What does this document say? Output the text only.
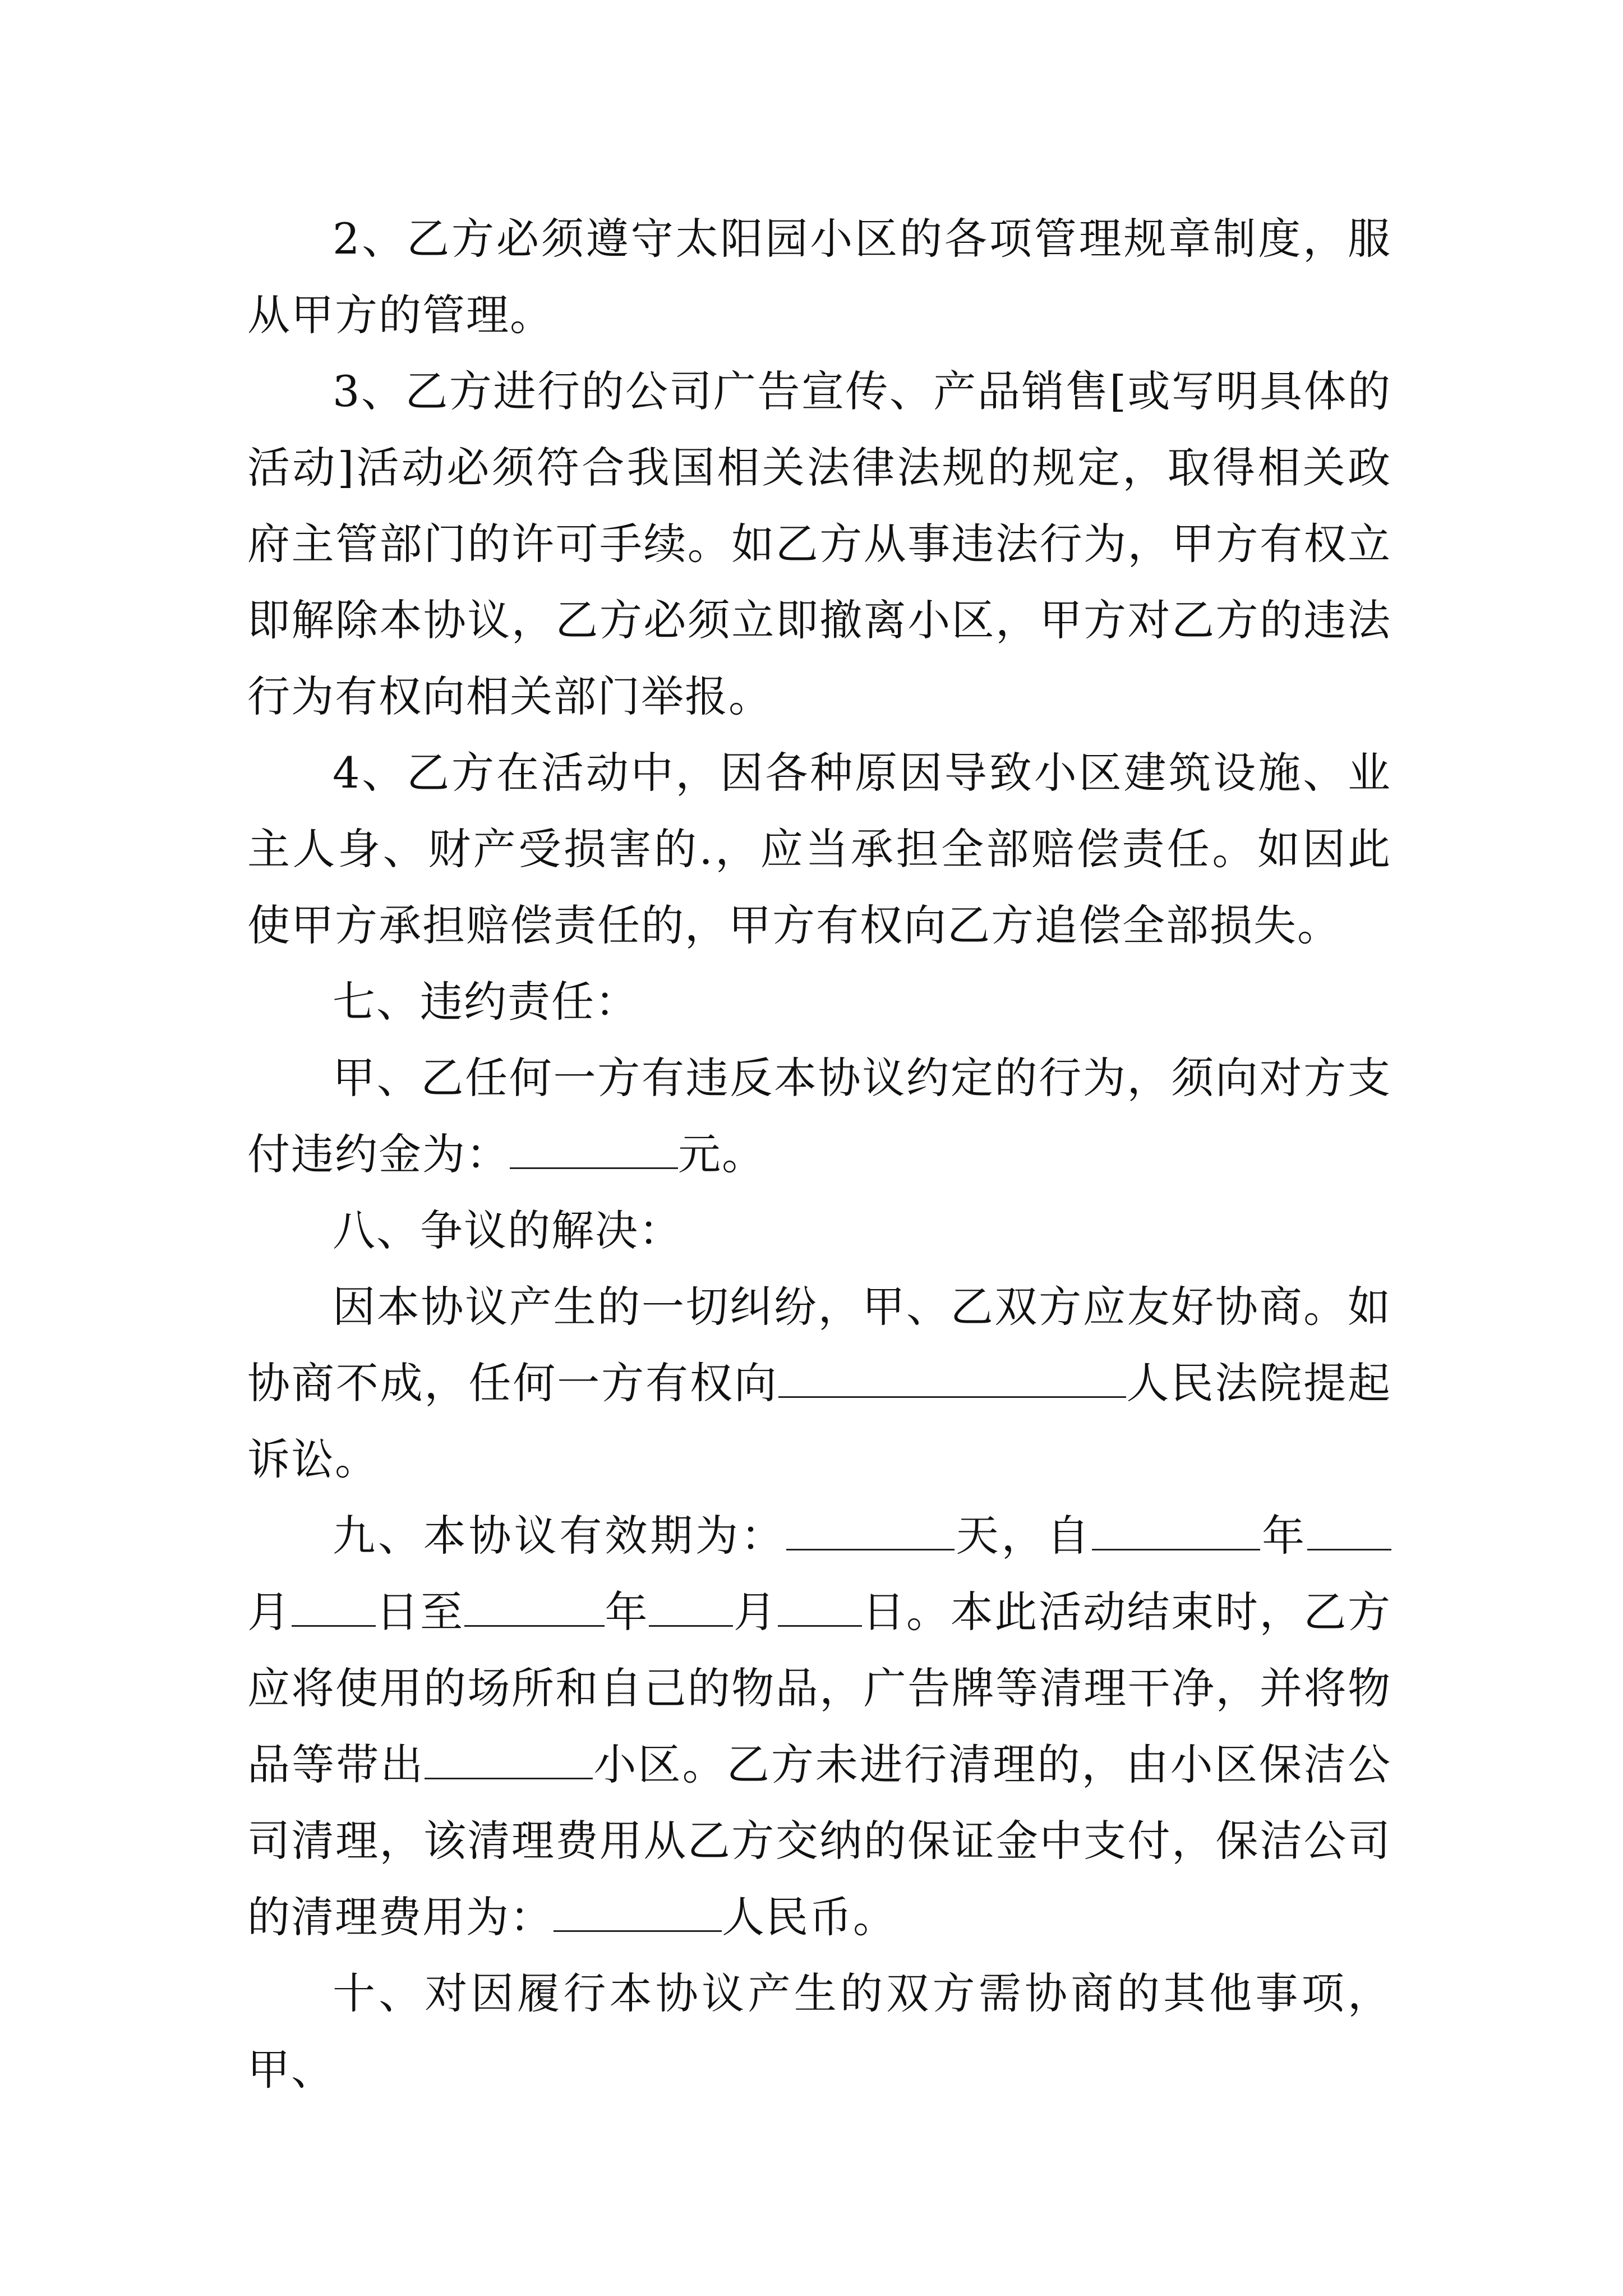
2、乙方必须遵守太阳园小区的各项管理规章制度，服从甲方的管理。

3、乙方进行的公司广告宣传、产品销售[或写明具体的活动]活动必须符合我国相关法律法规的规定，取得相关政府主管部门的许可手续。如乙方从事违法行为，甲方有权立即解除本协议，乙方必须立即撤离小区，甲方对乙方的违法行为有权向相关部门举报。

4、乙方在活动中，因各种原因导致小区建筑设施、业主人身、财产受损害的.，应当承担全部赔偿责任。如因此使甲方承担赔偿责任的，甲方有权向乙方追偿全部损失。

七、违约责任：

甲、乙任何一方有违反本协议约定的行为，须向对方支付违约金为：	元。

八、争议的解决：

因本协议产生的一切纠纷，甲、乙双方应友好协商。如协商不成，任何一方有权向	人民法院提起诉讼。

九、本协议有效期为：	天，自	年月 日至	年 月 日。本此活动结束时，乙方应将使用的场所和自己的物品，广告牌等清理干净，并将物品等带出	小区。乙方未进行清理的，由小区保洁公司清理，该清理费用从乙方交纳的保证金中支付，保洁公司的清理费用为：	人民币。

十、对因履行本协议产生的双方需协商的其他事项，甲、
